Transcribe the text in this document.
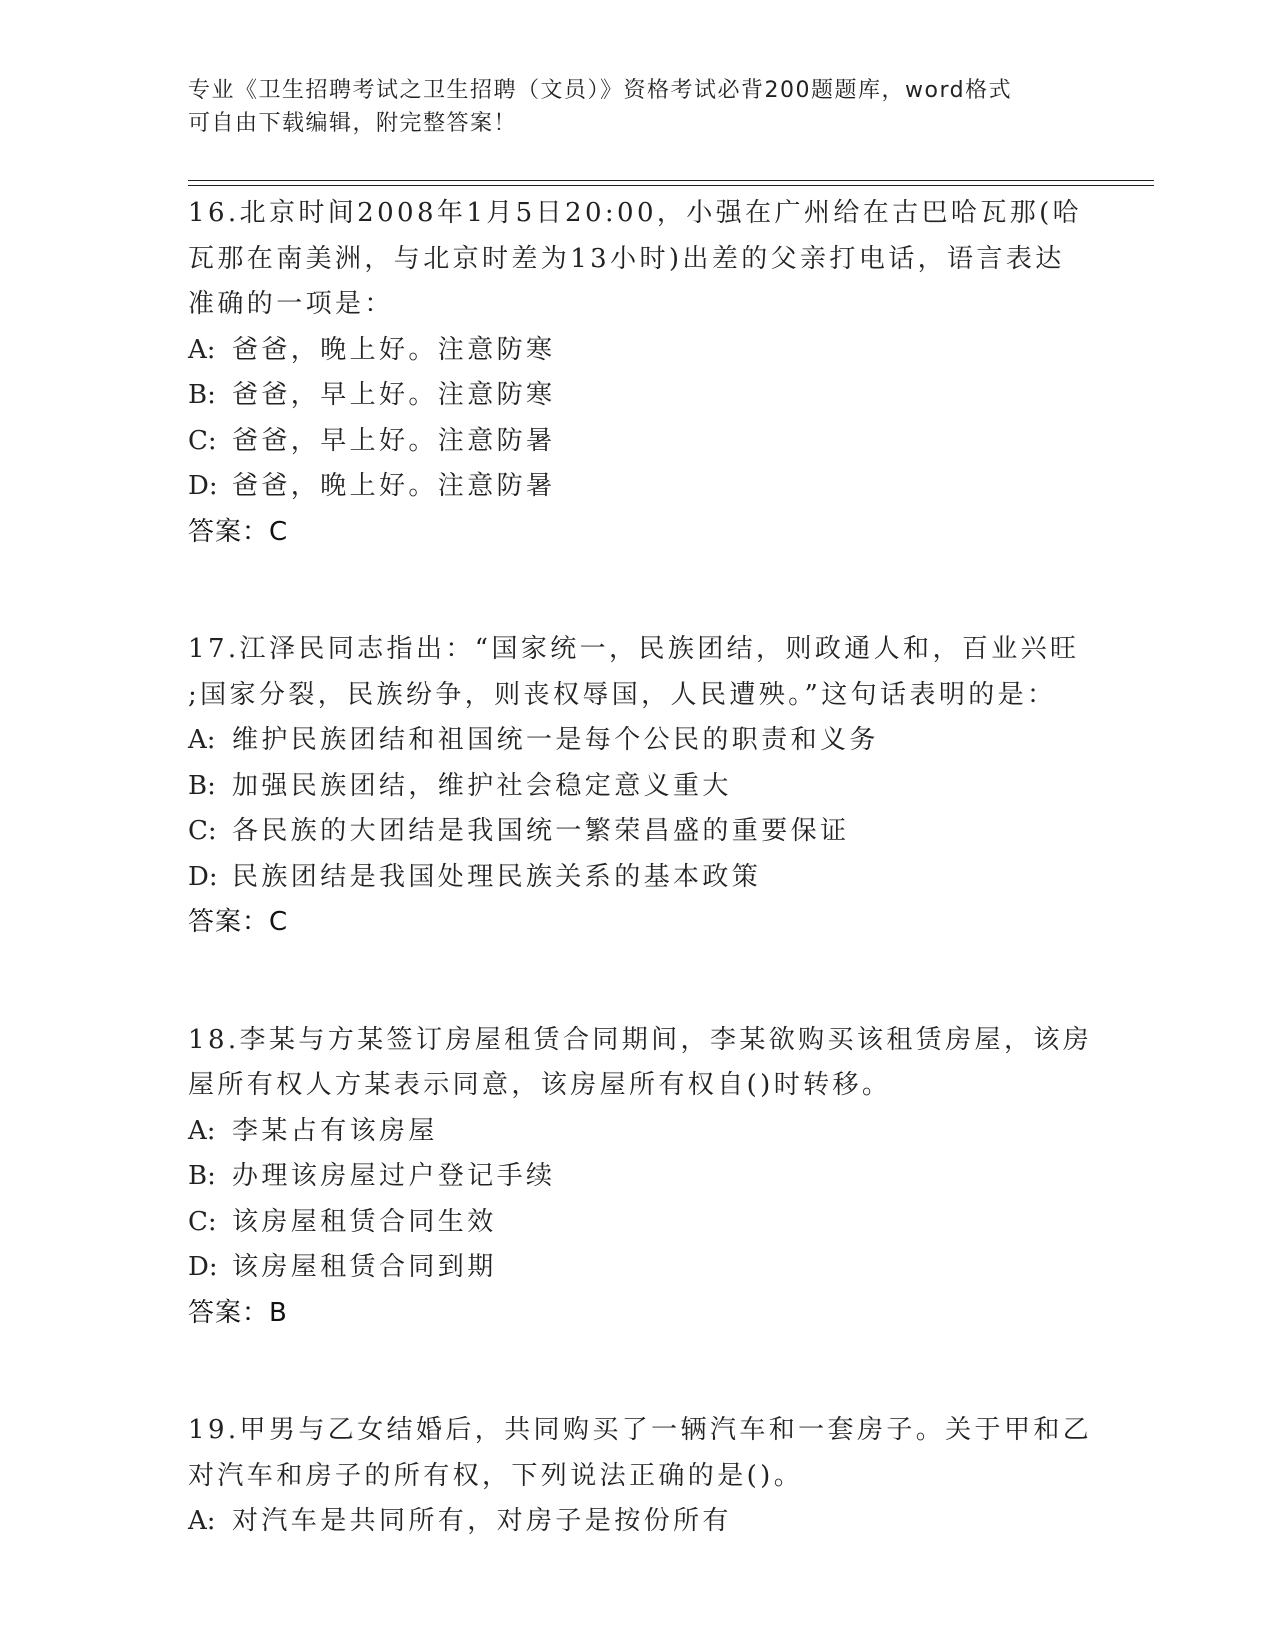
专业《卫生招聘考试之卫生招聘（文员）》资格考试必背200题题库，word格式
可自由下载编辑，附完整答案！
16.北京时间2008年1月5日20:00，小强在广州给在古巴哈瓦那(哈
瓦那在南美洲，与北京时差为13小时)出差的父亲打电话，语言表达
准确的一项是：
A: 爸爸，晚上好。注意防寒
B: 爸爸，早上好。注意防寒
C: 爸爸，早上好。注意防暑
D: 爸爸，晚上好。注意防暑
答案：C
17.江泽民同志指出：“国家统一，民族团结，则政通人和，百业兴旺
;国家分裂，民族纷争，则丧权辱国，人民遭殃。”这句话表明的是：
A: 维护民族团结和祖国统一是每个公民的职责和义务
B: 加强民族团结，维护社会稳定意义重大
C: 各民族的大团结是我国统一繁荣昌盛的重要保证
D: 民族团结是我国处理民族关系的基本政策
答案：C
18.李某与方某签订房屋租赁合同期间，李某欲购买该租赁房屋，该房
屋所有权人方某表示同意，该房屋所有权自()时转移。
A: 李某占有该房屋
B: 办理该房屋过户登记手续
C: 该房屋租赁合同生效
D: 该房屋租赁合同到期
答案：B
19.甲男与乙女结婚后，共同购买了一辆汽车和一套房子。关于甲和乙
对汽车和房子的所有权，下列说法正确的是()。
A: 对汽车是共同所有，对房子是按份所有
